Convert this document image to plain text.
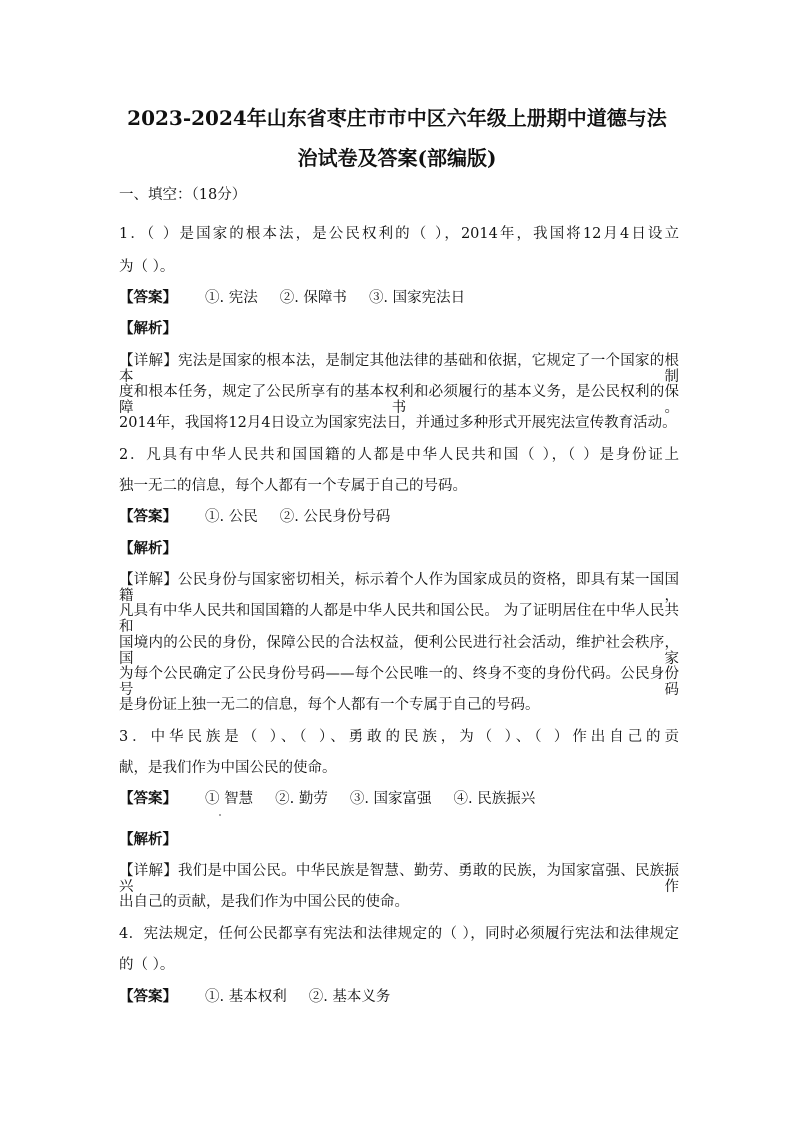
2023-2024年山东省枣庄市市中区六年级上册期中道德与法
治试卷及答案(部编版)

一、填空：（18分）

1．（ ）是国家的根本法，是公民权利的（ ），2014年，我国将12月4日设立

为（ ）。

【答案】 ①. 宪法 ②. 保障书 ③. 国家宪法日

【解析】

【详解】宪法是国家的根本法，是制定其他法律的基础和依据，它规定了一个国家的根本制

度和根本任务，规定了公民所享有的基本权利和必须履行的基本义务，是公民权利的保障书。

2014年，我国将12月4日设立为国家宪法日，并通过多种形式开展宪法宣传教育活动。

2．凡具有中华人民共和国国籍的人都是中华人民共和国（ ），（ ）是身份证上

独一无二的信息，每个人都有一个专属于自己的号码。

【答案】 ①. 公民 ②. 公民身份号码

【解析】

【详解】公民身份与国家密切相关，标示着个人作为国家成员的资格，即具有某一国国籍，

凡具有中华人民共和国国籍的人都是中华人民共和国公民。 为了证明居住在中华人民共和

国境内的公民的身份，保障公民的合法权益，便利公民进行社会活动，维护社会秩序，国家

为每个公民确定了公民身份号码——每个公民唯一的、终身不变的身份代码。公民身份号码

是身份证上独一无二的信息，每个人都有一个专属于自己的号码。

3．中华民族是（ ）、（ ）、勇敢的民族，为（ ）、（ ）作出自己的贡

献，是我们作为中国公民的使命。

【答案】 ① 智慧 ②. 勤劳 ③. 国家富强 ④. 民族振兴

【解析】

【详解】我们是中国公民。中华民族是智慧、勤劳、勇敢的民族，为国家富强、民族振兴作

出自己的贡献，是我们作为中国公民的使命。

4．宪法规定，任何公民都享有宪法和法律规定的（ ），同时必须履行宪法和法律规定

的（ ）。

【答案】 ①. 基本权利 ②. 基本义务
